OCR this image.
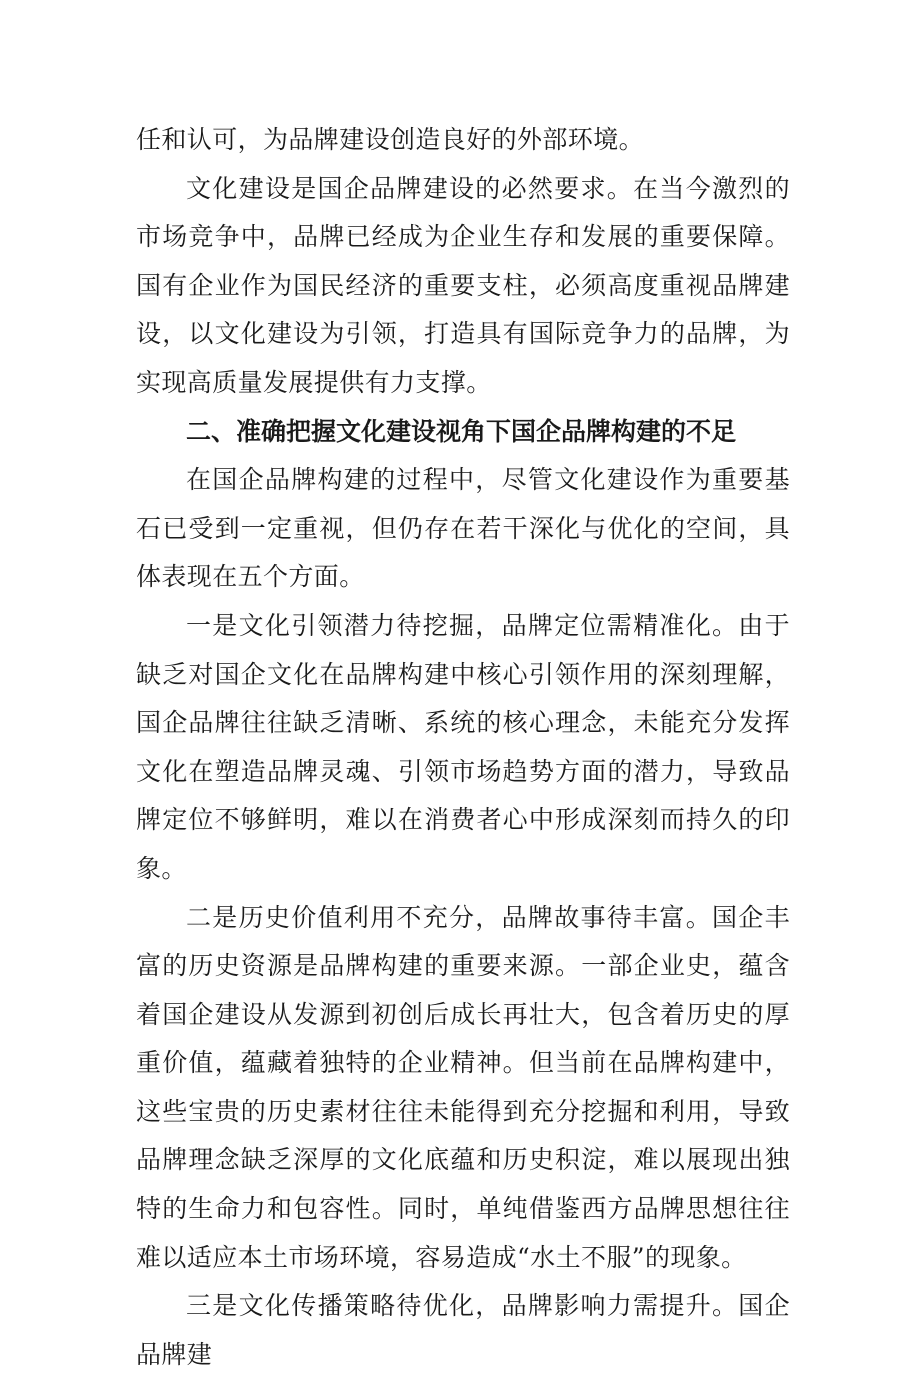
任和认可，为品牌建设创造良好的外部环境。

文化建设是国企品牌建设的必然要求。在当今激烈的市场竞争中，品牌已经成为企业生存和发展的重要保障。国有企业作为国民经济的重要支柱，必须高度重视品牌建设，以文化建设为引领，打造具有国际竞争力的品牌，为实现高质量发展提供有力支撑。

二、准确把握文化建设视角下国企品牌构建的不足

在国企品牌构建的过程中，尽管文化建设作为重要基石已受到一定重视，但仍存在若干深化与优化的空间，具体表现在五个方面。

一是文化引领潜力待挖掘，品牌定位需精准化。由于缺乏对国企文化在品牌构建中核心引领作用的深刻理解，国企品牌往往缺乏清晰、系统的核心理念，未能充分发挥文化在塑造品牌灵魂、引领市场趋势方面的潜力，导致品牌定位不够鲜明，难以在消费者心中形成深刻而持久的印象。

二是历史价值利用不充分，品牌故事待丰富。国企丰富的历史资源是品牌构建的重要来源。一部企业史，蕴含着国企建设从发源到初创后成长再壮大，包含着历史的厚重价值，蕴藏着独特的企业精神。但当前在品牌构建中，这些宝贵的历史素材往往未能得到充分挖掘和利用，导致品牌理念缺乏深厚的文化底蕴和历史积淀，难以展现出独特的生命力和包容性。同时，单纯借鉴西方品牌思想往往难以适应本土市场环境，容易造成“水土不服”的现象。

三是文化传播策略待优化，品牌影响力需提升。国企品牌建
